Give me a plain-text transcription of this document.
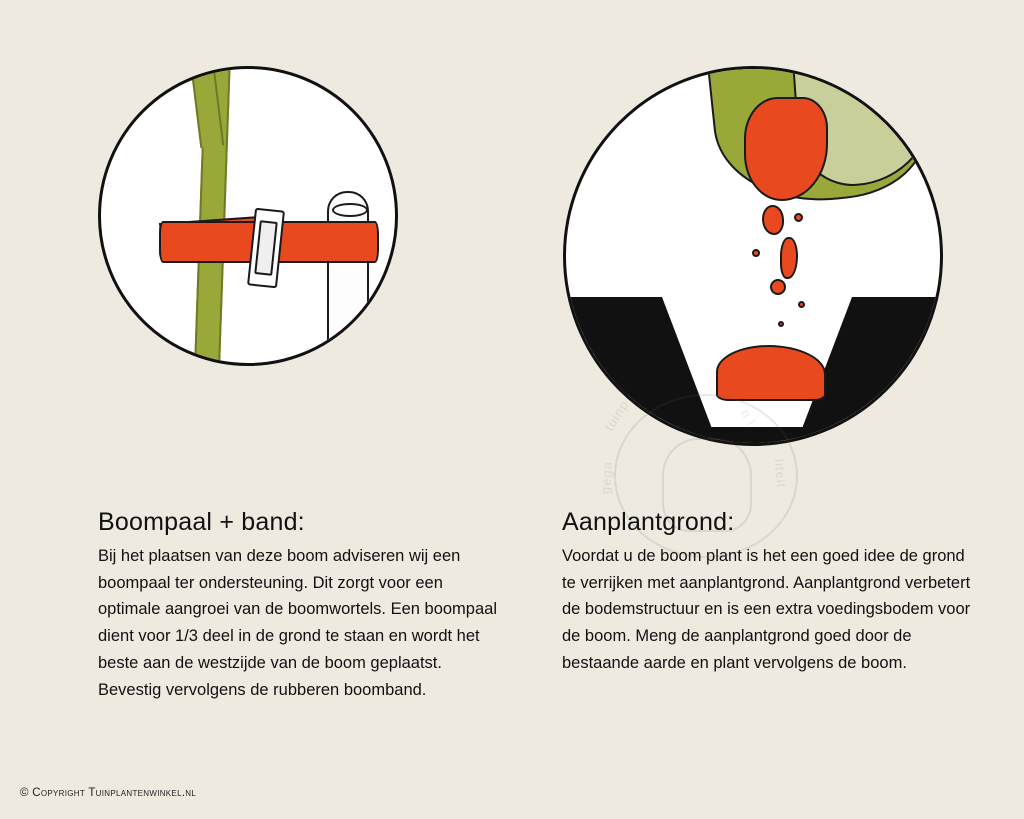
gega	liteit
Boompaal + band:

Bij het plaatsen van deze boom adviseren wij een boompaal ter ondersteuning. Dit zorgt voor een optimale aangroei van de boomwortels. Een boompaal dient voor 1/3 deel in de grond te staan en wordt het beste aan de westzijde van de boom geplaatst. Bevestig vervolgens de rubberen boomband.

Aanplantgrond:

Voordat u de boom plant is het een goed idee de grond te verrijken met aanplantgrond. Aanplantgrond verbetert de bodemstructuur en is een extra voedingsbodem voor de boom. Meng de aanplantgrond goed door de bestaande aarde en plant vervolgens de boom.

© Copyright Tuinplantenwinkel.nl
